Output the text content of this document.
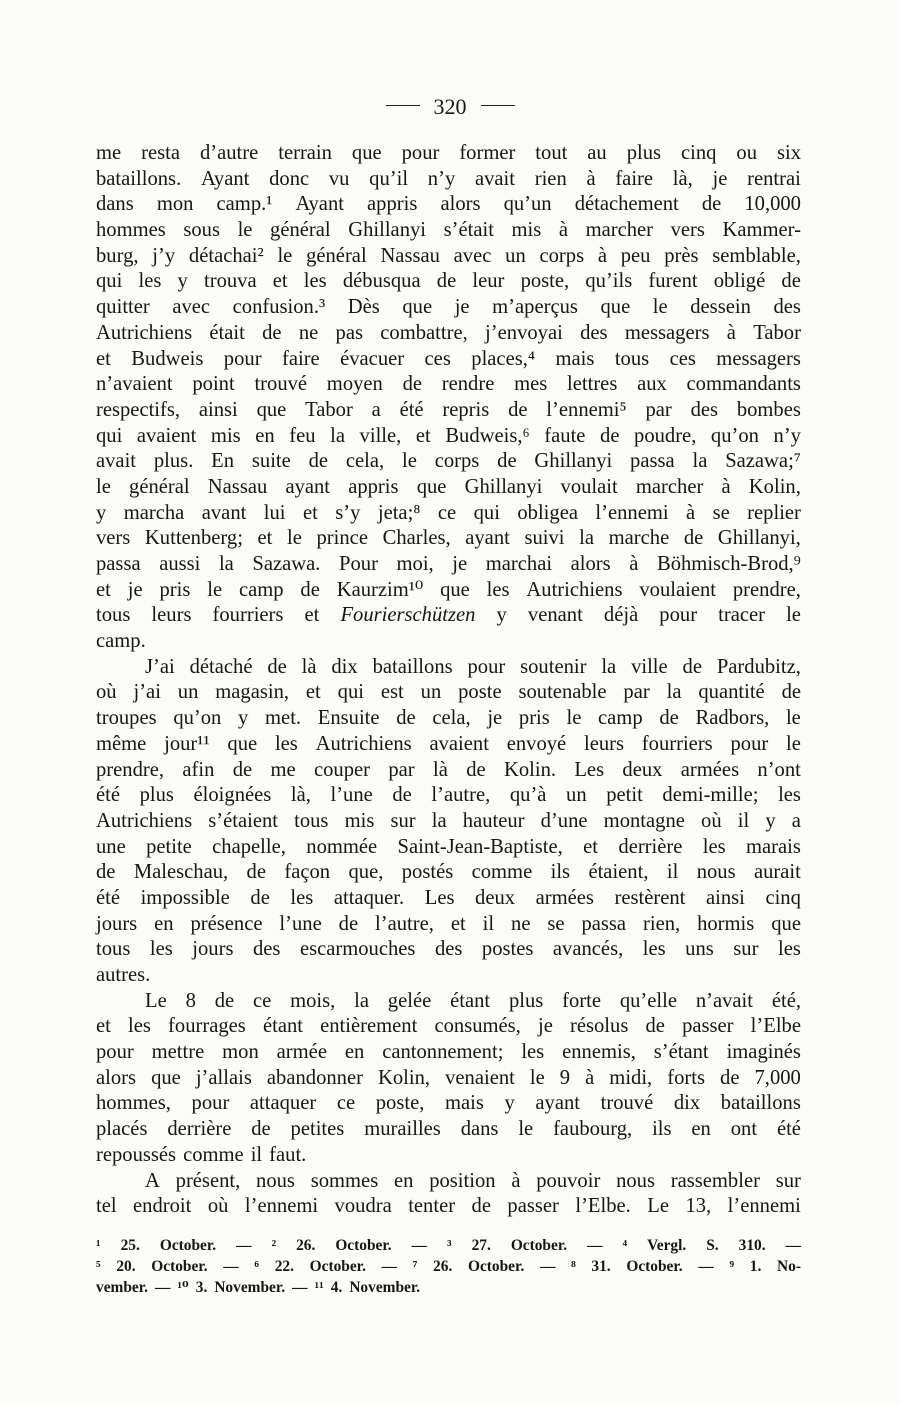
320
me resta d’autre terrain que pour former tout au plus cinq ou six
bataillons. Ayant donc vu qu’il n’y avait rien à faire là, je rentrai
dans mon camp.¹ Ayant appris alors qu’un détachement de 10,000
hommes sous le général Ghillanyi s’était mis à marcher vers Kammer-
burg, j’y détachai² le général Nassau avec un corps à peu près semblable,
qui les y trouva et les débusqua de leur poste, qu’ils furent obligé de
quitter avec confusion.³ Dès que je m’aperçus que le dessein des
Autrichiens était de ne pas combattre, j’envoyai des messagers à Tabor
et Budweis pour faire évacuer ces places,⁴ mais tous ces messagers
n’avaient point trouvé moyen de rendre mes lettres aux commandants
respectifs, ainsi que Tabor a été repris de l’ennemi⁵ par des bombes
qui avaient mis en feu la ville, et Budweis,⁶ faute de poudre, qu’on n’y
avait plus. En suite de cela, le corps de Ghillanyi passa la Sazawa;⁷
le général Nassau ayant appris que Ghillanyi voulait marcher à Kolin,
y marcha avant lui et s’y jeta;⁸ ce qui obligea l’ennemi à se replier
vers Kuttenberg; et le prince Charles, ayant suivi la marche de Ghillanyi,
passa aussi la Sazawa. Pour moi, je marchai alors à Böhmisch-Brod,⁹
et je pris le camp de Kaurzim¹⁰ que les Autrichiens voulaient prendre,
tous leurs fourriers et Fourierschützen y venant déjà pour tracer le
camp.
J’ai détaché de là dix bataillons pour soutenir la ville de Pardubitz,
où j’ai un magasin, et qui est un poste soutenable par la quantité de
troupes qu’on y met. Ensuite de cela, je pris le camp de Radbors, le
même jour¹¹ que les Autrichiens avaient envoyé leurs fourriers pour le
prendre, afin de me couper par là de Kolin. Les deux armées n’ont
été plus éloignées là, l’une de l’autre, qu’à un petit demi-mille; les
Autrichiens s’étaient tous mis sur la hauteur d’une montagne où il y a
une petite chapelle, nommée Saint-Jean-Baptiste, et derrière les marais
de Maleschau, de façon que, postés comme ils étaient, il nous aurait
été impossible de les attaquer. Les deux armées restèrent ainsi cinq
jours en présence l’une de l’autre, et il ne se passa rien, hormis que
tous les jours des escarmouches des postes avancés, les uns sur les
autres.
Le 8 de ce mois, la gelée étant plus forte qu’elle n’avait été,
et les fourrages étant entièrement consumés, je résolus de passer l’Elbe
pour mettre mon armée en cantonnement; les ennemis, s’étant imaginés
alors que j’allais abandonner Kolin, venaient le 9 à midi, forts de 7,000
hommes, pour attaquer ce poste, mais y ayant trouvé dix bataillons
placés derrière de petites murailles dans le faubourg, ils en ont été
repoussés comme il faut.
A présent, nous sommes en position à pouvoir nous rassembler sur
tel endroit où l’ennemi voudra tenter de passer l’Elbe. Le 13, l’ennemi
¹ 25. October. — ² 26. October. — ³ 27. October. — ⁴ Vergl. S. 310. —
⁵ 20. October. — ⁶ 22. October. — ⁷ 26. October. — ⁸ 31. October. — ⁹ 1. No-
vember. — ¹⁰ 3. November. — ¹¹ 4. November.
